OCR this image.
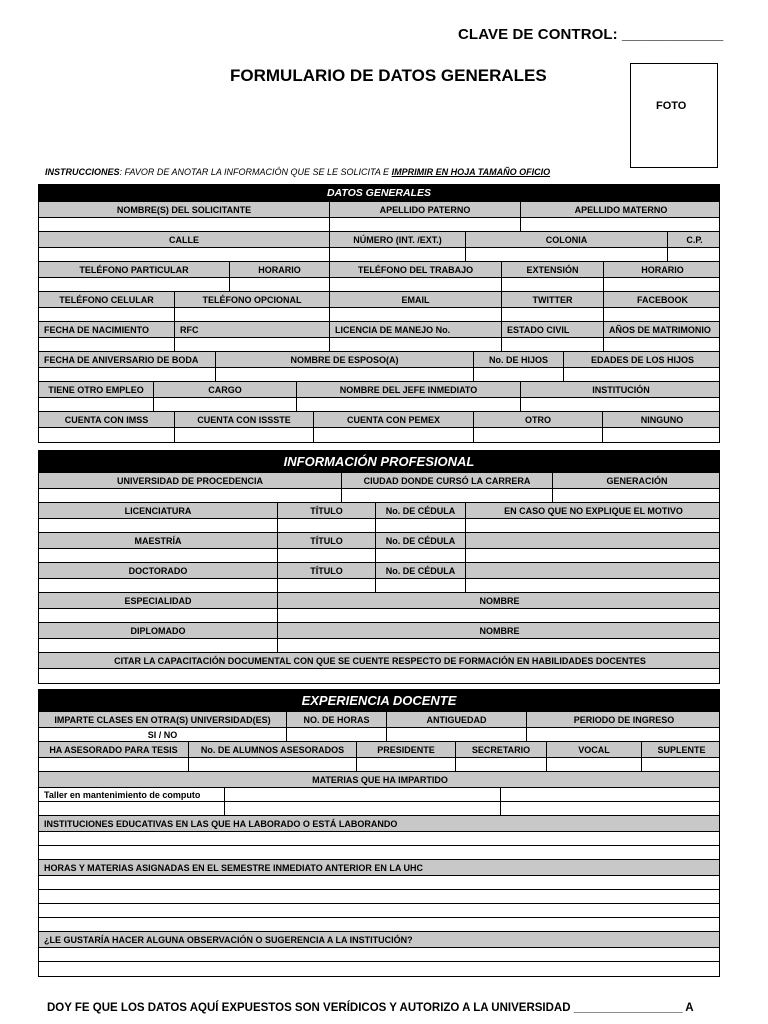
CLAVE DE CONTROL: ____________
FORMULARIO DE DATOS GENERALES
FOTO
INSTRUCCIONES: FAVOR DE ANOTAR LA INFORMACIÓN QUE SE LE SOLICITA E IMPRIMIR EN HOJA TAMAÑO OFICIO
DATOS GENERALES
NOMBRE(S) DEL SOLICITANTE	APELLIDO PATERNO	APELLIDO MATERNO
CALLE	NÚMERO (INT. /EXT.)	COLONIA	C.P.
TELÉFONO PARTICULAR	HORARIO	TELÉFONO DEL TRABAJO	EXTENSIÓN	HORARIO
TELÉFONO CELULAR	TELÉFONO OPCIONAL	EMAIL	TWITTER	FACEBOOK
FECHA DE NACIMIENTO	RFC	LICENCIA DE MANEJO No.	ESTADO CIVIL	AÑOS DE MATRIMONIO
FECHA DE ANIVERSARIO DE BODA	NOMBRE DE ESPOSO(A)	No. DE HIJOS	EDADES DE LOS HIJOS
TIENE OTRO EMPLEO	CARGO	NOMBRE DEL JEFE INMEDIATO	INSTITUCIÓN
CUENTA CON IMSS	CUENTA CON ISSSTE	CUENTA CON PEMEX	OTRO	NINGUNO
INFORMACIÓN PROFESIONAL
UNIVERSIDAD DE PROCEDENCIA	CIUDAD DONDE CURSÓ LA CARRERA	GENERACIÓN
LICENCIATURA	TÍTULO	No. DE CÉDULA	EN CASO QUE NO EXPLIQUE EL MOTIVO
MAESTRÍA	TÍTULO	No. DE CÉDULA
DOCTORADO	TÍTULO	No. DE CÉDULA
ESPECIALIDAD	NOMBRE
DIPLOMADO	NOMBRE
CITAR LA CAPACITACIÓN DOCUMENTAL CON QUE SE CUENTE RESPECTO DE FORMACIÓN EN HABILIDADES DOCENTES
EXPERIENCIA DOCENTE
IMPARTE CLASES EN OTRA(S) UNIVERSIDAD(ES)	NO. DE HORAS	ANTIGUEDAD	PERIODO DE INGRESO
SI / NO
HA ASESORADO PARA TESIS	No. DE ALUMNOS ASESORADOS	PRESIDENTE	SECRETARIO	VOCAL	SUPLENTE
MATERIAS QUE HA IMPARTIDO
Taller en mantenimiento de computo
INSTITUCIONES EDUCATIVAS EN LAS QUE HA LABORADO O ESTÁ LABORANDO
HORAS Y MATERIAS ASIGNADAS EN EL SEMESTRE INMEDIATO ANTERIOR EN LA UHC
¿LE GUSTARÍA HACER ALGUNA OBSERVACIÓN O SUGERENCIA A LA INSTITUCIÓN?
DOY FE QUE LOS DATOS AQUÍ EXPUESTOS SON VERÍDICOS Y AUTORIZO A LA UNIVERSIDAD _________________ A
